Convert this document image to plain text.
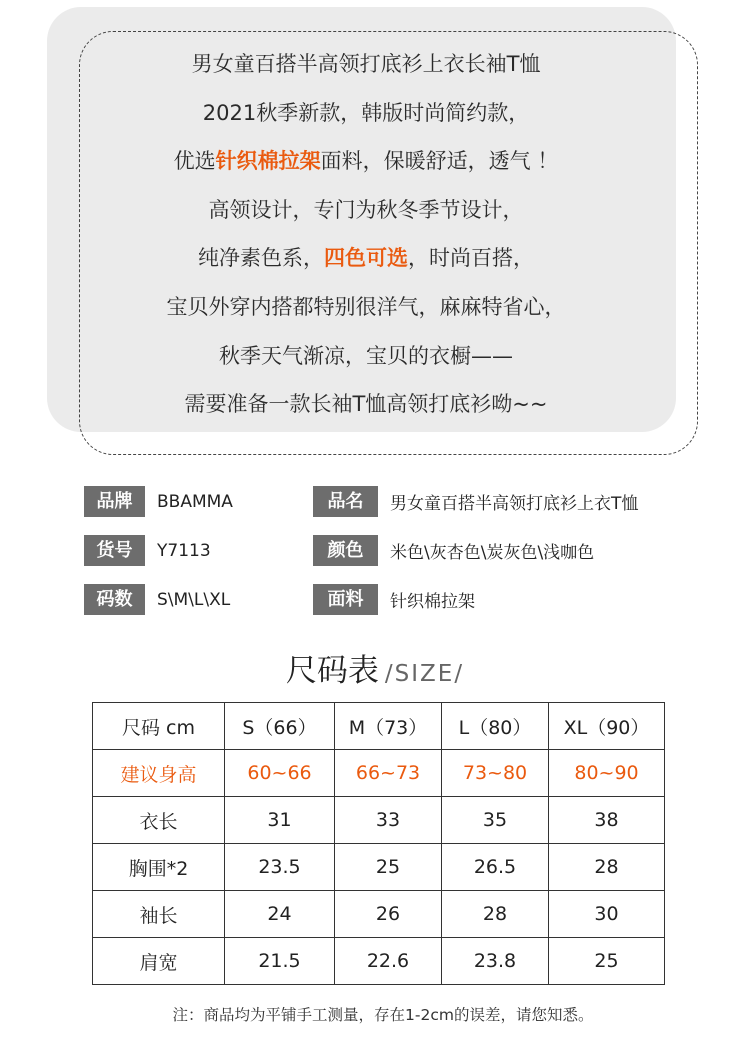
男女童百搭半高领打底衫上衣长袖T恤
2021秋季新款，韩版时尚简约款，
优选针织棉拉架面料，保暖舒适，透气 ！
高领设计，专门为秋冬季节设计，
纯净素色系，四色可选，时尚百搭，
宝贝外穿内搭都特别很洋气，麻麻特省心，
秋季天气渐凉，宝贝的衣橱——
需要准备一款长袖T恤高领打底衫呦~~
品牌	BBAMMA	品名	男女童百搭半高领打底衫上衣T恤
货号	Y7113	颜色	米色\灰杏色\炭灰色\浅咖色
码数	S\M\L\XL	面料	针织棉拉架
尺码表 /SIZE/
尺码 cm	S（66）	M（73）	L（80）	XL（90）
建议身高	60~66	66~73	73~80	80~90
衣长	31	33	35	38
胸围*2	23.5	25	26.5	28
袖长	24	26	28	30
肩宽	21.5	22.6	23.8	25
注：商品均为平铺手工测量，存在1-2cm的误差，请您知悉。
